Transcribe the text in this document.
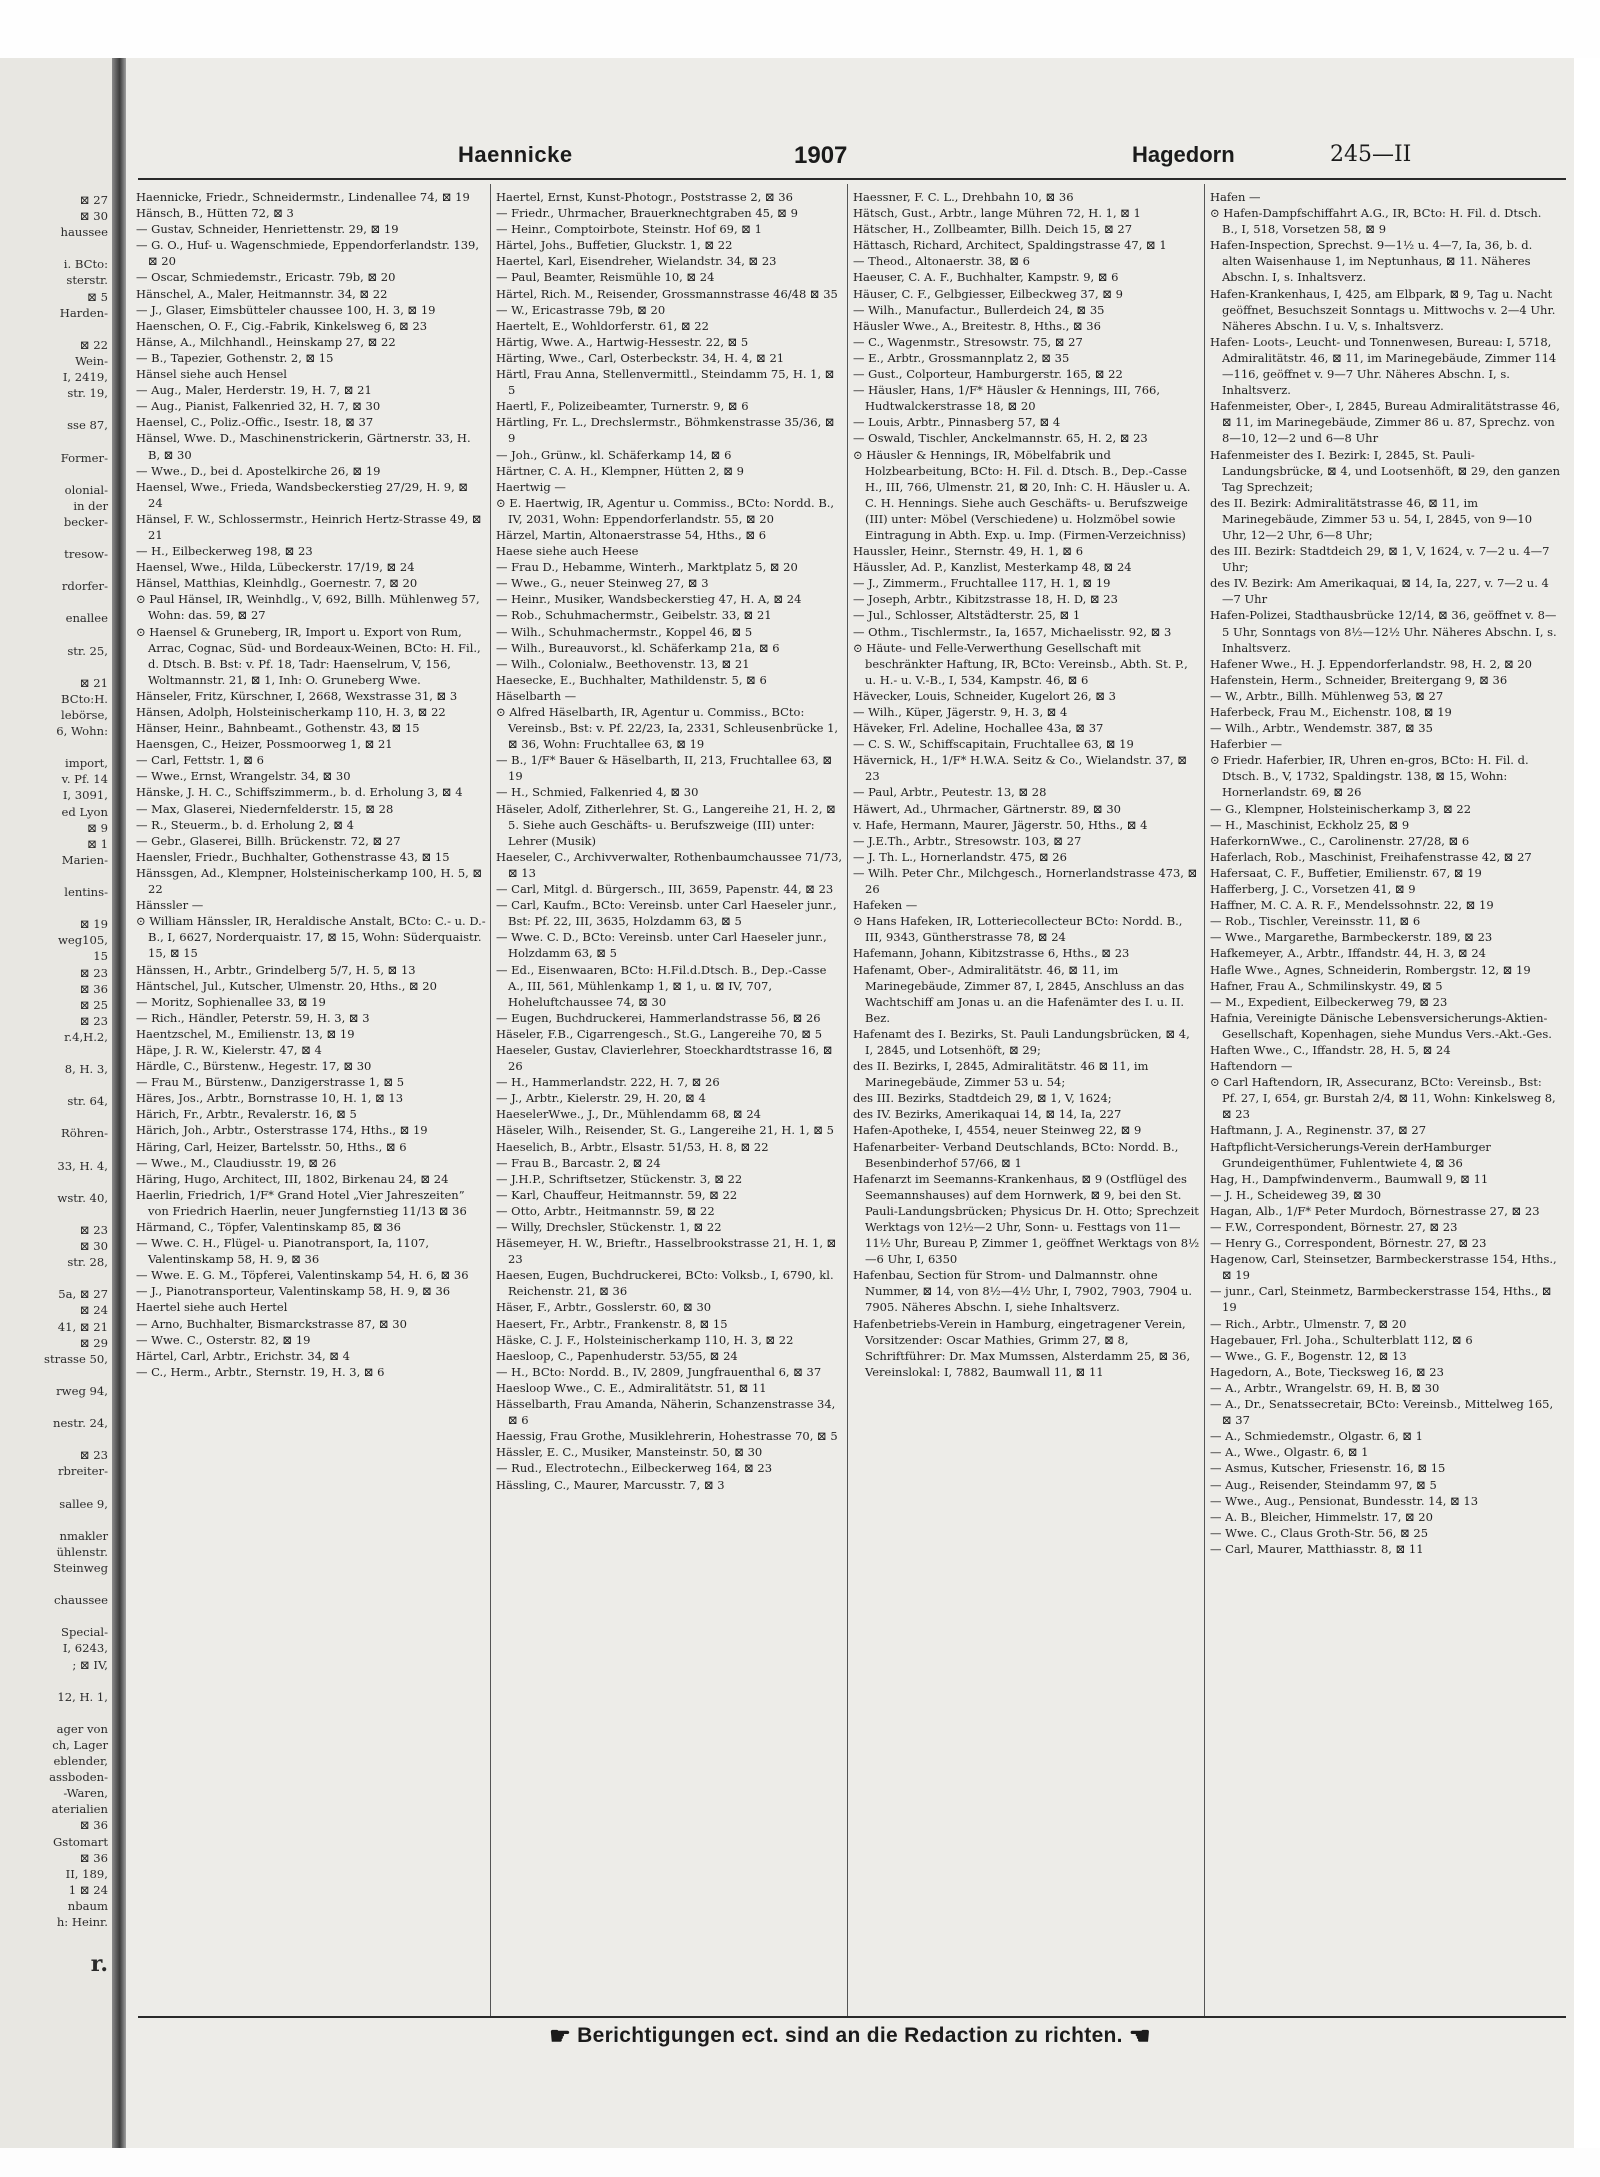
⊠ 27
⊠ 30
haussee

i. BCto:
sterstr.
⊠ 5
Harden-

⊠ 22
Wein-
I, 2419,
str. 19,

sse 87,

Former-

olonial-
in der
becker-

tresow-

rdorfer-

enallee

str. 25,

⊠ 21
BCto:H.
lebörse,
6, Wohn:

import,
v. Pf. 14
I, 3091,
ed Lyon
⊠ 9
⊠ 1
Marien-

lentins-

⊠ 19
weg105,
15
⊠ 23
⊠ 36
⊠ 25
⊠ 23
r.4,H.2,

8, H. 3,

str. 64,

Röhren-

33, H. 4,

wstr. 40,

⊠ 23
⊠ 30
str. 28,

5a, ⊠ 27
⊠ 24
41, ⊠ 21
⊠ 29
strasse 50,

rweg 94,

nestr. 24,

⊠ 23
rbreiter-

sallee 9,

nmakler
ühlenstr.
Steinweg

chaussee

Special-
I, 6243,
; ⊠ IV,

12, H. 1,

ager von
ch, Lager
eblender,
assboden-
-Waren,
aterialien
⊠ 36
Gstomart
⊠ 36
II, 189,
1 ⊠ 24
nbaum
h: Heinr.

r.
Haennicke	1907	Hagedorn	245—II

Haennicke, Friedr., Schneidermstr., Lindenallee 74, ⊠ 19

Hänsch, B., Hütten 72, ⊠ 3

— Gustav, Schneider, Henriettenstr. 29, ⊠ 19

— G. O., Huf- u. Wagenschmiede, Eppendorferlandstr. 139, ⊠ 20

— Oscar, Schmiedemstr., Ericastr. 79b, ⊠ 20

Hänschel, A., Maler, Heitmannstr. 34, ⊠ 22

— J., Glaser, Eimsbütteler chaussee 100, H. 3, ⊠ 19

Haenschen, O. F., Cig.-Fabrik, Kinkelsweg 6, ⊠ 23

Hänse, A., Milchhandl., Heinskamp 27, ⊠ 22

— B., Tapezier, Gothenstr. 2, ⊠ 15

Hänsel siehe auch Hensel

— Aug., Maler, Herderstr. 19, H. 7, ⊠ 21

— Aug., Pianist, Falkenried 32, H. 7, ⊠ 30

Haensel, C., Poliz.-Offic., Isestr. 18, ⊠ 37

Hänsel, Wwe. D., Maschinenstrickerin, Gärtnerstr. 33, H. B, ⊠ 30

— Wwe., D., bei d. Apostelkirche 26, ⊠ 19

Haensel, Wwe., Frieda, Wandsbeckerstieg 27/29, H. 9, ⊠ 24

Hänsel, F. W., Schlossermstr., Heinrich Hertz-Strasse 49, ⊠ 21

— H., Eilbeckerweg 198, ⊠ 23

Haensel, Wwe., Hilda, Lübeckerstr. 17/19, ⊠ 24

Hänsel, Matthias, Kleinhdlg., Goernestr. 7, ⊠ 20

⊙ Paul Hänsel, IR, Weinhdlg., V, 692, Billh. Mühlenweg 57, Wohn: das. 59, ⊠ 27

⊙ Haensel & Gruneberg, IR, Import u. Export von Rum, Arrac, Cognac, Süd- und Bordeaux-Weinen, BCto: H. Fil., d. Dtsch. B. Bst: v. Pf. 18, Tadr: Haenselrum, V, 156, Woltmannstr. 21, ⊠ 1, Inh: O. Gruneberg Wwe.

Hänseler, Fritz, Kürschner, I, 2668, Wexstrasse 31, ⊠ 3

Hänsen, Adolph, Holsteinischerkamp 110, H. 3, ⊠ 22

Hänser, Heinr., Bahnbeamt., Gothenstr. 43, ⊠ 15

Haensgen, C., Heizer, Possmoorweg 1, ⊠ 21

— Carl, Fettstr. 1, ⊠ 6

— Wwe., Ernst, Wrangelstr. 34, ⊠ 30

Hänske, J. H. C., Schiffszimmerm., b. d. Erholung 3, ⊠ 4

— Max, Glaserei, Niedernfelderstr. 15, ⊠ 28

— R., Steuerm., b. d. Erholung 2, ⊠ 4

— Gebr., Glaserei, Billh. Brückenstr. 72, ⊠ 27

Haensler, Friedr., Buchhalter, Gothenstrasse 43, ⊠ 15

Hänssgen, Ad., Klempner, Holsteinischerkamp 100, H. 5, ⊠ 22

Hänssler —

⊙ William Hänssler, IR, Heraldische Anstalt, BCto: C.- u. D.-B., I, 6627, Norderquaistr. 17, ⊠ 15, Wohn: Süderquaistr. 15, ⊠ 15

Hänssen, H., Arbtr., Grindelberg 5/7, H. 5, ⊠ 13

Häntschel, Jul., Kutscher, Ulmenstr. 20, Hths., ⊠ 20

— Moritz, Sophienallee 33, ⊠ 19

— Rich., Händler, Peterstr. 59, H. 3, ⊠ 3

Haentzschel, M., Emilienstr. 13, ⊠ 19

Häpe, J. R. W., Kielerstr. 47, ⊠ 4

Härdle, C., Bürstenw., Hegestr. 17, ⊠ 30

— Frau M., Bürstenw., Danzigerstrasse 1, ⊠ 5

Häres, Jos., Arbtr., Bornstrasse 10, H. 1, ⊠ 13

Härich, Fr., Arbtr., Revalerstr. 16, ⊠ 5

Härich, Joh., Arbtr., Osterstrasse 174, Hths., ⊠ 19

Häring, Carl, Heizer, Bartelsstr. 50, Hths., ⊠ 6

— Wwe., M., Claudiusstr. 19, ⊠ 26

Häring, Hugo, Architect, III, 1802, Birkenau 24, ⊠ 24

Haerlin, Friedrich, 1/F* Grand Hotel „Vier Jahreszeiten” von Friedrich Haerlin, neuer Jungfernstieg 11/13 ⊠ 36

Härmand, C., Töpfer, Valentinskamp 85, ⊠ 36

— Wwe. C. H., Flügel- u. Pianotransport, Ia, 1107, Valentinskamp 58, H. 9, ⊠ 36

— Wwe. E. G. M., Töpferei, Valentinskamp 54, H. 6, ⊠ 36

— J., Pianotransporteur, Valentinskamp 58, H. 9, ⊠ 36

Haertel siehe auch Hertel

— Arno, Buchhalter, Bismarckstrasse 87, ⊠ 30

— Wwe. C., Osterstr. 82, ⊠ 19

Härtel, Carl, Arbtr., Erichstr. 34, ⊠ 4

— C., Herm., Arbtr., Sternstr. 19, H. 3, ⊠ 6

Haertel, Ernst, Kunst-Photogr., Poststrasse 2, ⊠ 36

— Friedr., Uhrmacher, Brauerknechtgraben 45, ⊠ 9

— Heinr., Comptoirbote, Steinstr. Hof 69, ⊠ 1

Härtel, Johs., Buffetier, Gluckstr. 1, ⊠ 22

Haertel, Karl, Eisendreher, Wielandstr. 34, ⊠ 23

— Paul, Beamter, Reismühle 10, ⊠ 24

Härtel, Rich. M., Reisender, Grossmannstrasse 46/48 ⊠ 35

— W., Ericastrasse 79b, ⊠ 20

Haertelt, E., Wohldorferstr. 61, ⊠ 22

Härtig, Wwe. A., Hartwig-Hessestr. 22, ⊠ 5

Härting, Wwe., Carl, Osterbeckstr. 34, H. 4, ⊠ 21

Härtl, Frau Anna, Stellenvermittl., Steindamm 75, H. 1, ⊠ 5

Haertl, F., Polizeibeamter, Turnerstr. 9, ⊠ 6

Härtling, Fr. L., Drechslermstr., Böhmkenstrasse 35/36, ⊠ 9

— Joh., Grünw., kl. Schäferkamp 14, ⊠ 6

Härtner, C. A. H., Klempner, Hütten 2, ⊠ 9

Haertwig —

⊙ E. Haertwig, IR, Agentur u. Commiss., BCto: Nordd. B., IV, 2031, Wohn: Eppendorferlandstr. 55, ⊠ 20

Härzel, Martin, Altonaerstrasse 54, Hths., ⊠ 6

Haese siehe auch Heese

— Frau D., Hebamme, Winterh., Marktplatz 5, ⊠ 20

— Wwe., G., neuer Steinweg 27, ⊠ 3

— Heinr., Musiker, Wandsbeckerstieg 47, H. A, ⊠ 24

— Rob., Schuhmachermstr., Geibelstr. 33, ⊠ 21

— Wilh., Schuhmachermstr., Koppel 46, ⊠ 5

— Wilh., Bureauvorst., kl. Schäferkamp 21a, ⊠ 6

— Wilh., Colonialw., Beethovenstr. 13, ⊠ 21

Haesecke, E., Buchhalter, Mathildenstr. 5, ⊠ 6

Häselbarth —

⊙ Alfred Häselbarth, IR, Agentur u. Commiss., BCto: Vereinsb., Bst: v. Pf. 22/23, Ia, 2331, Schleusenbrücke 1, ⊠ 36, Wohn: Fruchtallee 63, ⊠ 19

— B., 1/F* Bauer & Häselbarth, II, 213, Fruchtallee 63, ⊠ 19

— H., Schmied, Falkenried 4, ⊠ 30

Häseler, Adolf, Zitherlehrer, St. G., Langereihe 21, H. 2, ⊠ 5. Siehe auch Geschäfts- u. Berufszweige (III) unter: Lehrer (Musik)

Haeseler, C., Archivverwalter, Rothenbaumchaussee 71/73, ⊠ 13

— Carl, Mitgl. d. Bürgersch., III, 3659, Papenstr. 44, ⊠ 23

— Carl, Kaufm., BCto: Vereinsb. unter Carl Haeseler junr., Bst: Pf. 22, III, 3635, Holzdamm 63, ⊠ 5

— Wwe. C. D., BCto: Vereinsb. unter Carl Haeseler junr., Holzdamm 63, ⊠ 5

— Ed., Eisenwaaren, BCto: H.Fil.d.Dtsch. B., Dep.-Casse A., III, 561, Mühlenkamp 1, ⊠ 1, u. ⊠ IV, 707, Hoheluftchaussee 74, ⊠ 30

— Eugen, Buchdruckerei, Hammerlandstrasse 56, ⊠ 26

Häseler, F.B., Cigarrengesch., St.G., Langereihe 70, ⊠ 5

Haeseler, Gustav, Clavierlehrer, Stoeckhardtstrasse 16, ⊠ 26

— H., Hammerlandstr. 222, H. 7, ⊠ 26

— J., Arbtr., Kielerstr. 29, H. 20, ⊠ 4

HaeselerWwe., J., Dr., Mühlendamm 68, ⊠ 24

Häseler, Wilh., Reisender, St. G., Langereihe 21, H. 1, ⊠ 5

Haeselich, B., Arbtr., Elsastr. 51/53, H. 8, ⊠ 22

— Frau B., Barcastr. 2, ⊠ 24

— J.H.P., Schriftsetzer, Stückenstr. 3, ⊠ 22

— Karl, Chauffeur, Heitmannstr. 59, ⊠ 22

— Otto, Arbtr., Heitmannstr. 59, ⊠ 22

— Willy, Drechsler, Stückenstr. 1, ⊠ 22

Häsemeyer, H. W., Brieftr., Hasselbrookstrasse 21, H. 1, ⊠ 23

Haesen, Eugen, Buchdruckerei, BCto: Volksb., I, 6790, kl. Reichenstr. 21, ⊠ 36

Häser, F., Arbtr., Gosslerstr. 60, ⊠ 30

Haesert, Fr., Arbtr., Frankenstr. 8, ⊠ 15

Häske, C. J. F., Holsteinischerkamp 110, H. 3, ⊠ 22

Haesloop, C., Papenhuderstr. 53/55, ⊠ 24

— H., BCto: Nordd. B., IV, 2809, Jungfrauenthal 6, ⊠ 37

Haesloop Wwe., C. E., Admiralitätstr. 51, ⊠ 11

Hässelbarth, Frau Amanda, Näherin, Schanzenstrasse 34, ⊠ 6

Haessig, Frau Grothe, Musiklehrerin, Hohestrasse 70, ⊠ 5

Hässler, E. C., Musiker, Mansteinstr. 50, ⊠ 30

— Rud., Electrotechn., Eilbeckerweg 164, ⊠ 23

Hässling, C., Maurer, Marcusstr. 7, ⊠ 3

Haessner, F. C. L., Drehbahn 10, ⊠ 36

Hätsch, Gust., Arbtr., lange Mühren 72, H. 1, ⊠ 1

Hätscher, H., Zollbeamter, Billh. Deich 15, ⊠ 27

Hättasch, Richard, Architect, Spaldingstrasse 47, ⊠ 1

— Theod., Altonaerstr. 38, ⊠ 6

Haeuser, C. A. F., Buchhalter, Kampstr. 9, ⊠ 6

Häuser, C. F., Gelbgiesser, Eilbeckweg 37, ⊠ 9

— Wilh., Manufactur., Bullerdeich 24, ⊠ 35

Häusler Wwe., A., Breitestr. 8, Hths., ⊠ 36

— C., Wagenmstr., Stresowstr. 75, ⊠ 27

— E., Arbtr., Grossmannplatz 2, ⊠ 35

— Gust., Colporteur, Hamburgerstr. 165, ⊠ 22

— Häusler, Hans, 1/F* Häusler & Hennings, III, 766, Hudtwalckerstrasse 18, ⊠ 20

— Louis, Arbtr., Pinnasberg 57, ⊠ 4

— Oswald, Tischler, Anckelmannstr. 65, H. 2, ⊠ 23

⊙ Häusler & Hennings, IR, Möbelfabrik und Holzbearbeitung, BCto: H. Fil. d. Dtsch. B., Dep.-Casse H., III, 766, Ulmenstr. 21, ⊠ 20, Inh: C. H. Häusler u. A. C. H. Hennings. Siehe auch Geschäfts- u. Berufszweige (III) unter: Möbel (Verschiedene) u. Holzmöbel sowie Eintragung in Abth. Exp. u. Imp. (Firmen-Verzeichniss)

Haussler, Heinr., Sternstr. 49, H. 1, ⊠ 6

Häussler, Ad. P., Kanzlist, Mesterkamp 48, ⊠ 24

— J., Zimmerm., Fruchtallee 117, H. 1, ⊠ 19

— Joseph, Arbtr., Kibitzstrasse 18, H. D, ⊠ 23

— Jul., Schlosser, Altstädterstr. 25, ⊠ 1

— Othm., Tischlermstr., Ia, 1657, Michaelisstr. 92, ⊠ 3

⊙ Häute- und Felle-Verwerthung Gesellschaft mit beschränkter Haftung, IR, BCto: Vereinsb., Abth. St. P., u. H.- u. V.-B., I, 534, Kampstr. 46, ⊠ 6

Hävecker, Louis, Schneider, Kugelort 26, ⊠ 3

— Wilh., Küper, Jägerstr. 9, H. 3, ⊠ 4

Häveker, Frl. Adeline, Hochallee 43a, ⊠ 37

— C. S. W., Schiffscapitain, Fruchtallee 63, ⊠ 19

Hävernick, H., 1/F* H.W.A. Seitz & Co., Wielandstr. 37, ⊠ 23

— Paul, Arbtr., Peutestr. 13, ⊠ 28

Häwert, Ad., Uhrmacher, Gärtnerstr. 89, ⊠ 30

v. Hafe, Hermann, Maurer, Jägerstr. 50, Hths., ⊠ 4

— J.E.Th., Arbtr., Stresowstr. 103, ⊠ 27

— J. Th. L., Hornerlandstr. 475, ⊠ 26

— Wilh. Peter Chr., Milchgesch., Hornerlandstrasse 473, ⊠ 26

Hafeken —

⊙ Hans Hafeken, IR, Lotteriecollecteur BCto: Nordd. B., III, 9343, Güntherstrasse 78, ⊠ 24

Hafemann, Johann, Kibitzstrasse 6, Hths., ⊠ 23

Hafenamt, Ober-, Admiralitätstr. 46, ⊠ 11, im Marinegebäude, Zimmer 87, I, 2845, Anschluss an das Wachtschiff am Jonas u. an die Hafenämter des I. u. II. Bez.

Hafenamt des I. Bezirks, St. Pauli Landungsbrücken, ⊠ 4, I, 2845, und Lotsenhöft, ⊠ 29;

des II. Bezirks, I, 2845, Admiralitätstr. 46 ⊠ 11, im Marinegebäude, Zimmer 53 u. 54;

des III. Bezirks, Stadtdeich 29, ⊠ 1, V, 1624;

des IV. Bezirks, Amerikaquai 14, ⊠ 14, Ia, 227

Hafen-Apotheke, I, 4554, neuer Steinweg 22, ⊠ 9

Hafenarbeiter- Verband Deutschlands, BCto: Nordd. B., Besenbinderhof 57/66, ⊠ 1

Hafenarzt im Seemanns-Krankenhaus, ⊠ 9 (Ostflügel des Seemannshauses) auf dem Hornwerk, ⊠ 9, bei den St. Pauli-Landungsbrücken; Physicus Dr. H. Otto; Sprechzeit Werktags von 12½—2 Uhr, Sonn- u. Festtags von 11—11½ Uhr, Bureau P, Zimmer 1, geöffnet Werktags von 8½—6 Uhr, I, 6350

Hafenbau, Section für Strom- und Dalmannstr. ohne Nummer, ⊠ 14, von 8½—4½ Uhr, I, 7902, 7903, 7904 u. 7905. Näheres Abschn. I, siehe Inhaltsverz.

Hafenbetriebs-Verein in Hamburg, eingetragener Verein, Vorsitzender: Oscar Mathies, Grimm 27, ⊠ 8, Schriftführer: Dr. Max Mumssen, Alsterdamm 25, ⊠ 36, Vereinslokal: I, 7882, Baumwall 11, ⊠ 11

Hafen —

⊙ Hafen-Dampfschiffahrt A.G., IR, BCto: H. Fil. d. Dtsch. B., I, 518, Vorsetzen 58, ⊠ 9

Hafen-Inspection, Sprechst. 9—1½ u. 4—7, Ia, 36, b. d. alten Waisenhause 1, im Neptunhaus, ⊠ 11. Näheres Abschn. I, s. Inhaltsverz.

Hafen-Krankenhaus, I, 425, am Elbpark, ⊠ 9, Tag u. Nacht geöffnet, Besuchszeit Sonntags u. Mittwochs v. 2—4 Uhr. Näheres Abschn. I u. V, s. Inhaltsverz.

Hafen- Loots-, Leucht- und Tonnenwesen, Bureau: I, 5718, Admiralitätstr. 46, ⊠ 11, im Marinegebäude, Zimmer 114—116, geöffnet v. 9—7 Uhr. Näheres Abschn. I, s. Inhaltsverz.

Hafenmeister, Ober-, I, 2845, Bureau Admiralitätstrasse 46, ⊠ 11, im Marinegebäude, Zimmer 86 u. 87, Sprechz. von 8—10, 12—2 und 6—8 Uhr

Hafenmeister des I. Bezirk: I, 2845, St. Pauli-Landungsbrücke, ⊠ 4, und Lootsenhöft, ⊠ 29, den ganzen Tag Sprechzeit;

des II. Bezirk: Admiralitätstrasse 46, ⊠ 11, im Marinegebäude, Zimmer 53 u. 54, I, 2845, von 9—10 Uhr, 12—2 Uhr, 6—8 Uhr;

des III. Bezirk: Stadtdeich 29, ⊠ 1, V, 1624, v. 7—2 u. 4—7 Uhr;

des IV. Bezirk: Am Amerikaquai, ⊠ 14, Ia, 227, v. 7—2 u. 4—7 Uhr

Hafen-Polizei, Stadthausbrücke 12/14, ⊠ 36, geöffnet v. 8—5 Uhr, Sonntags von 8½—12½ Uhr. Näheres Abschn. I, s. Inhaltsverz.

Hafener Wwe., H. J. Eppendorferlandstr. 98, H. 2, ⊠ 20

Hafenstein, Herm., Schneider, Breitergang 9, ⊠ 36

— W., Arbtr., Billh. Mühlenweg 53, ⊠ 27

Haferbeck, Frau M., Eichenstr. 108, ⊠ 19

— Wilh., Arbtr., Wendemstr. 387, ⊠ 35

Haferbier —

⊙ Friedr. Haferbier, IR, Uhren en-gros, BCto: H. Fil. d. Dtsch. B., V, 1732, Spaldingstr. 138, ⊠ 15, Wohn: Hornerlandstr. 69, ⊠ 26

— G., Klempner, Holsteinischerkamp 3, ⊠ 22

— H., Maschinist, Eckholz 25, ⊠ 9

HaferkornWwe., C., Carolinenstr. 27/28, ⊠ 6

Haferlach, Rob., Maschinist, Freihafenstrasse 42, ⊠ 27

Hafersaat, C. F., Buffetier, Emilienstr. 67, ⊠ 19

Hafferberg, J. C., Vorsetzen 41, ⊠ 9

Haffner, M. C. A. R. F., Mendelssohnstr. 22, ⊠ 19

— Rob., Tischler, Vereinsstr. 11, ⊠ 6

— Wwe., Margarethe, Barmbeckerstr. 189, ⊠ 23

Hafkemeyer, A., Arbtr., Iffandstr. 44, H. 3, ⊠ 24

Hafle Wwe., Agnes, Schneiderin, Rombergstr. 12, ⊠ 19

Hafner, Frau A., Schmilinskystr. 49, ⊠ 5

— M., Expedient, Eilbeckerweg 79, ⊠ 23

Hafnia, Vereinigte Dänische Lebensversicherungs-Aktien-Gesellschaft, Kopenhagen, siehe Mundus Vers.-Akt.-Ges.

Haften Wwe., C., Iffandstr. 28, H. 5, ⊠ 24

Haftendorn —

⊙ Carl Haftendorn, IR, Assecuranz, BCto: Vereinsb., Bst: Pf. 27, I, 654, gr. Burstah 2/4, ⊠ 11, Wohn: Kinkelsweg 8, ⊠ 23

Haftmann, J. A., Reginenstr. 37, ⊠ 27

Haftpflicht-Versicherungs-Verein derHamburger Grundeigenthümer, Fuhlentwiete 4, ⊠ 36

Hag, H., Dampfwindenverm., Baumwall 9, ⊠ 11

— J. H., Scheideweg 39, ⊠ 30

Hagan, Alb., 1/F* Peter Murdoch, Börnestrasse 27, ⊠ 23

— F.W., Correspondent, Börnestr. 27, ⊠ 23

— Henry G., Correspondent, Börnestr. 27, ⊠ 23

Hagenow, Carl, Steinsetzer, Barmbeckerstrasse 154, Hths., ⊠ 19

— junr., Carl, Steinmetz, Barmbeckerstrasse 154, Hths., ⊠ 19

— Rich., Arbtr., Ulmenstr. 7, ⊠ 20

Hagebauer, Frl. Joha., Schulterblatt 112, ⊠ 6

— Wwe., G. F., Bogenstr. 12, ⊠ 13

Hagedorn, A., Bote, Tiecksweg 16, ⊠ 23

— A., Arbtr., Wrangelstr. 69, H. B, ⊠ 30

— A., Dr., Senatssecretair, BCto: Vereinsb., Mittelweg 165, ⊠ 37

— A., Schmiedemstr., Olgastr. 6, ⊠ 1

— A., Wwe., Olgastr. 6, ⊠ 1

— Asmus, Kutscher, Friesenstr. 16, ⊠ 15

— Aug., Reisender, Steindamm 97, ⊠ 5

— Wwe., Aug., Pensionat, Bundesstr. 14, ⊠ 13

— A. B., Bleicher, Himmelstr. 17, ⊠ 20

— Wwe. C., Claus Groth-Str. 56, ⊠ 25

— Carl, Maurer, Matthiasstr. 8, ⊠ 11

☛ Berichtigungen ect. sind an die Redaction zu richten. ☚
